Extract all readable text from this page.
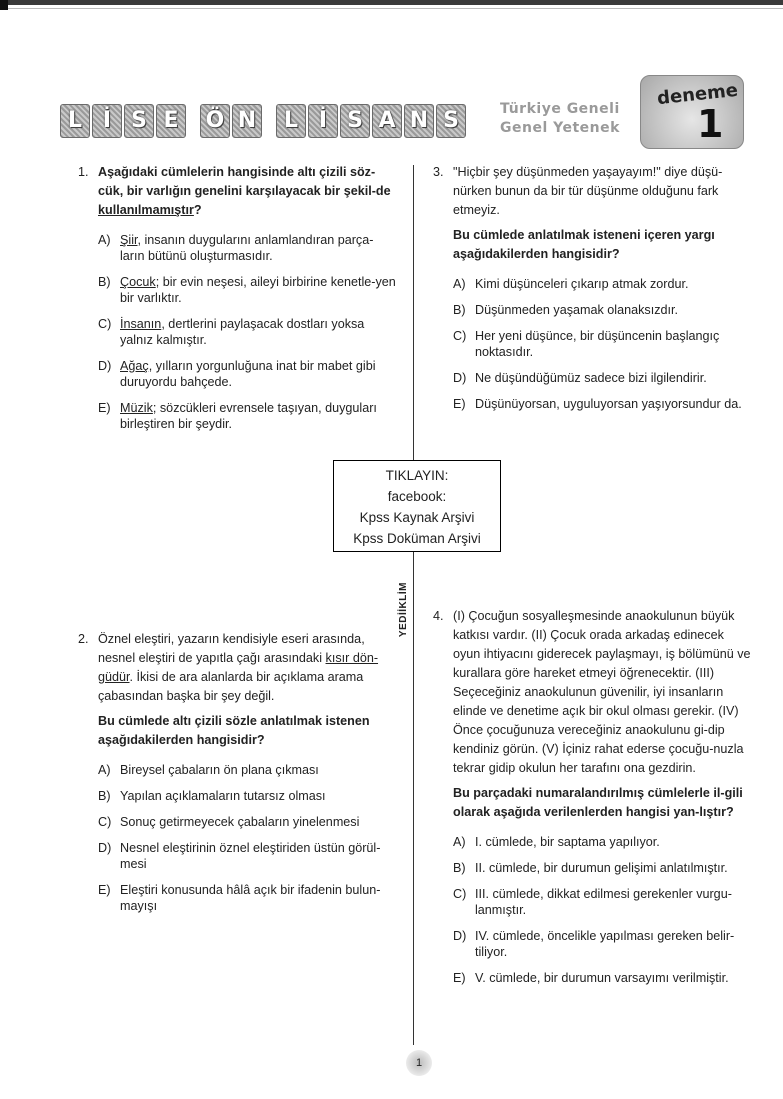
L İ S E	Ö N	L İ S A N S	Türkiye Geneli
Genel Yetenek
deneme
1
1. Aşağıdaki cümlelerin hangisinde altı çizili söz-cük, bir varlığın genelini karşılayacak bir şekil-de kullanılmamıştır?

A) Şiir, insanın duygularını anlamlandıran parça-ların bütünü oluşturmasıdır.
B) Çocuk; bir evin neşesi, aileyi birbirine kenetle-yen bir varlıktır.
C) İnsanın, dertlerini paylaşacak dostları yoksa yalnız kalmıştır.
D) Ağaç, yılların yorgunluğuna inat bir mabet gibi duruyordu bahçede.
E) Müzik; sözcükleri evrensele taşıyan, duyguları birleştiren bir şeydir.
3. "Hiçbir şey düşünmeden yaşayayım!" diye düşü-nürken bunun da bir tür düşünme olduğunu fark etmeyiz.

Bu cümlede anlatılmak isteneni içeren yargı aşağıdakilerden hangisidir?

A) Kimi düşünceleri çıkarıp atmak zordur.
B) Düşünmeden yaşamak olanaksızdır.
C) Her yeni düşünce, bir düşüncenin başlangıç noktasıdır.
D) Ne düşündüğümüz sadece bizi ilgilendirir.
E) Düşünüyorsan, uyguluyorsan yaşıyorsundur da.
TIKLAYIN:
facebook:
Kpss Kaynak Arşivi
Kpss Doküman Arşivi
YEDİİKLİM
2. Öznel eleştiri, yazarın kendisiyle eseri arasında, nesnel eleştiri de yapıtla çağı arasındaki kısır dön-güdür. İkisi de ara alanlarda bir açıklama arama çabasından başka bir şey değil.

Bu cümlede altı çizili sözle anlatılmak istenen aşağıdakilerden hangisidir?

A) Bireysel çabaların ön plana çıkması
B) Yapılan açıklamaların tutarsız olması
C) Sonuç getirmeyecek çabaların yinelenmesi
D) Nesnel eleştirinin öznel eleştiriden üstün görül-mesi
E) Eleştiri konusunda hâlâ açık bir ifadenin bulun-mayışı
4. (I) Çocuğun sosyalleşmesinde anaokulunun büyük katkısı vardır. (II) Çocuk orada arkadaş edinecek oyun ihtiyacını giderecek paylaşmayı, iş bölümünü ve kurallara göre hareket etmeyi öğrenecektir. (III) Seçeceğiniz anaokulunun güvenilir, iyi insanların elinde ve denetime açık bir okul olması gerekir. (IV) Önce çocuğunuza vereceğiniz anaokulunu gi-dip kendiniz görün. (V) İçiniz rahat ederse çocuğu-nuzla tekrar gidip okulun her tarafını ona gezdirin.

Bu parçadaki numaralandırılmış cümlelerle il-gili olarak aşağıda verilenlerden hangisi yan-lıştır?

A) I. cümlede, bir saptama yapılıyor.
B) II. cümlede, bir durumun gelişimi anlatılmıştır.
C) III. cümlede, dikkat edilmesi gerekenler vurgu-lanmıştır.
D) IV. cümlede, öncelikle yapılması gereken belir-tiliyor.
E) V. cümlede, bir durumun varsayımı verilmiştir.
1
